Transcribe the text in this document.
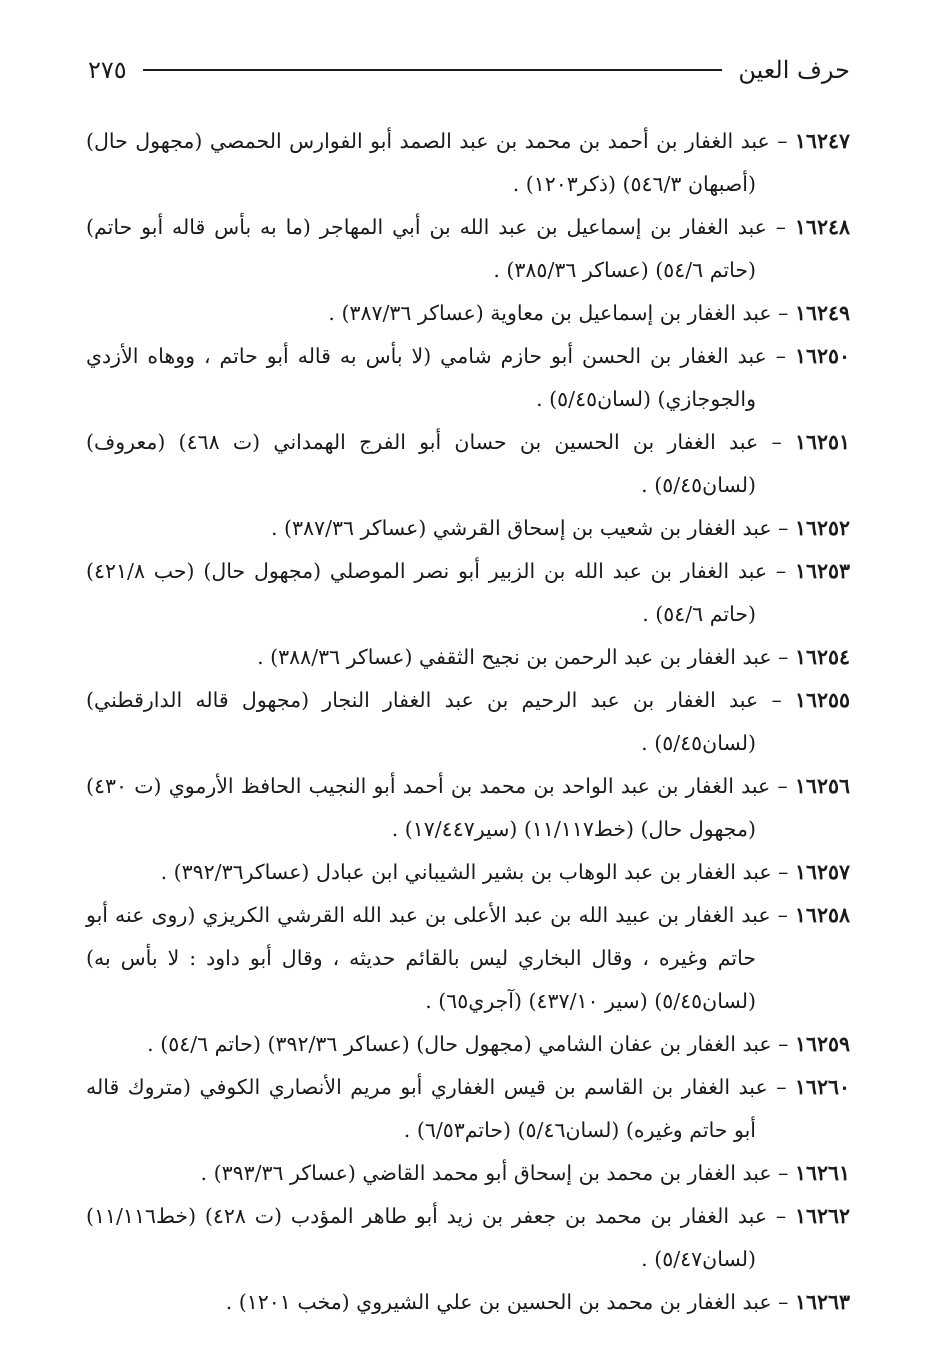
حرف العين
٢٧٥

١٦٢٤٧ – عبد الغفار بن أحمد بن محمد بن عبد الصمد أبو الفوارس الحمصي (مجهول حال) (أصبهان ٥٤٦/٣) (ذكر١٢٠٣) .

١٦٢٤٨ – عبد الغفار بن إسماعيل بن عبد الله بن أبي المهاجر (ما به بأس قاله أبو حاتم) (حاتم ٥٤/٦) (عساكر ٣٨٥/٣٦) .

١٦٢٤٩ – عبد الغفار بن إسماعيل بن معاوية (عساكر ٣٨٧/٣٦) .

١٦٢٥٠ – عبد الغفار بن الحسن أبو حازم شامي (لا بأس به قاله أبو حاتم ، ووهاه الأزدي والجوجازي) (لسان٥/٤٥) .

١٦٢٥١ – عبد الغفار بن الحسين بن حسان أبو الفرج الهمداني (ت ٤٦٨) (معروف) (لسان٥/٤٥) .

١٦٢٥٢ – عبد الغفار بن شعيب بن إسحاق القرشي (عساكر ٣٨٧/٣٦) .

١٦٢٥٣ – عبد الغفار بن عبد الله بن الزبير أبو نصر الموصلي (مجهول حال) (حب ٤٢١/٨) (حاتم ٥٤/٦) .

١٦٢٥٤ – عبد الغفار بن عبد الرحمن بن نجيح الثقفي (عساكر ٣٨٨/٣٦) .

١٦٢٥٥ – عبد الغفار بن عبد الرحيم بن عبد الغفار النجار (مجهول قاله الدارقطني) (لسان٥/٤٥) .

١٦٢٥٦ – عبد الغفار بن عبد الواحد بن محمد بن أحمد أبو النجيب الحافظ الأرموي (ت ٤٣٠) (مجهول حال) (خط١١/١١٧) (سير١٧/٤٤٧) .

١٦٢٥٧ – عبد الغفار بن عبد الوهاب بن بشير الشيباني ابن عبادل (عساكر٣٩٢/٣٦) .

١٦٢٥٨ – عبد الغفار بن عبيد الله بن عبد الأعلى بن عبد الله القرشي الكريزي (روى عنه أبو حاتم وغيره ، وقال البخاري ليس بالقائم حديثه ، وقال أبو داود : لا بأس به) (لسان٥/٤٥) (سير ٤٣٧/١٠) (آجري٦٥) .

١٦٢٥٩ – عبد الغفار بن عفان الشامي (مجهول حال) (عساكر ٣٩٢/٣٦) (حاتم ٥٤/٦) .

١٦٢٦٠ – عبد الغفار بن القاسم بن قيس الغفاري أبو مريم الأنصاري الكوفي (متروك قاله أبو حاتم وغيره) (لسان٥/٤٦) (حاتم٦/٥٣) .

١٦٢٦١ – عبد الغفار بن محمد بن إسحاق أبو محمد القاضي (عساكر ٣٩٣/٣٦) .

١٦٢٦٢ – عبد الغفار بن محمد بن جعفر بن زيد أبو طاهر المؤدب (ت ٤٢٨) (خط١١/١١٦) (لسان٥/٤٧) .

١٦٢٦٣ – عبد الغفار بن محمد بن الحسين بن علي الشيروي (مخب ١٢٠١) .
